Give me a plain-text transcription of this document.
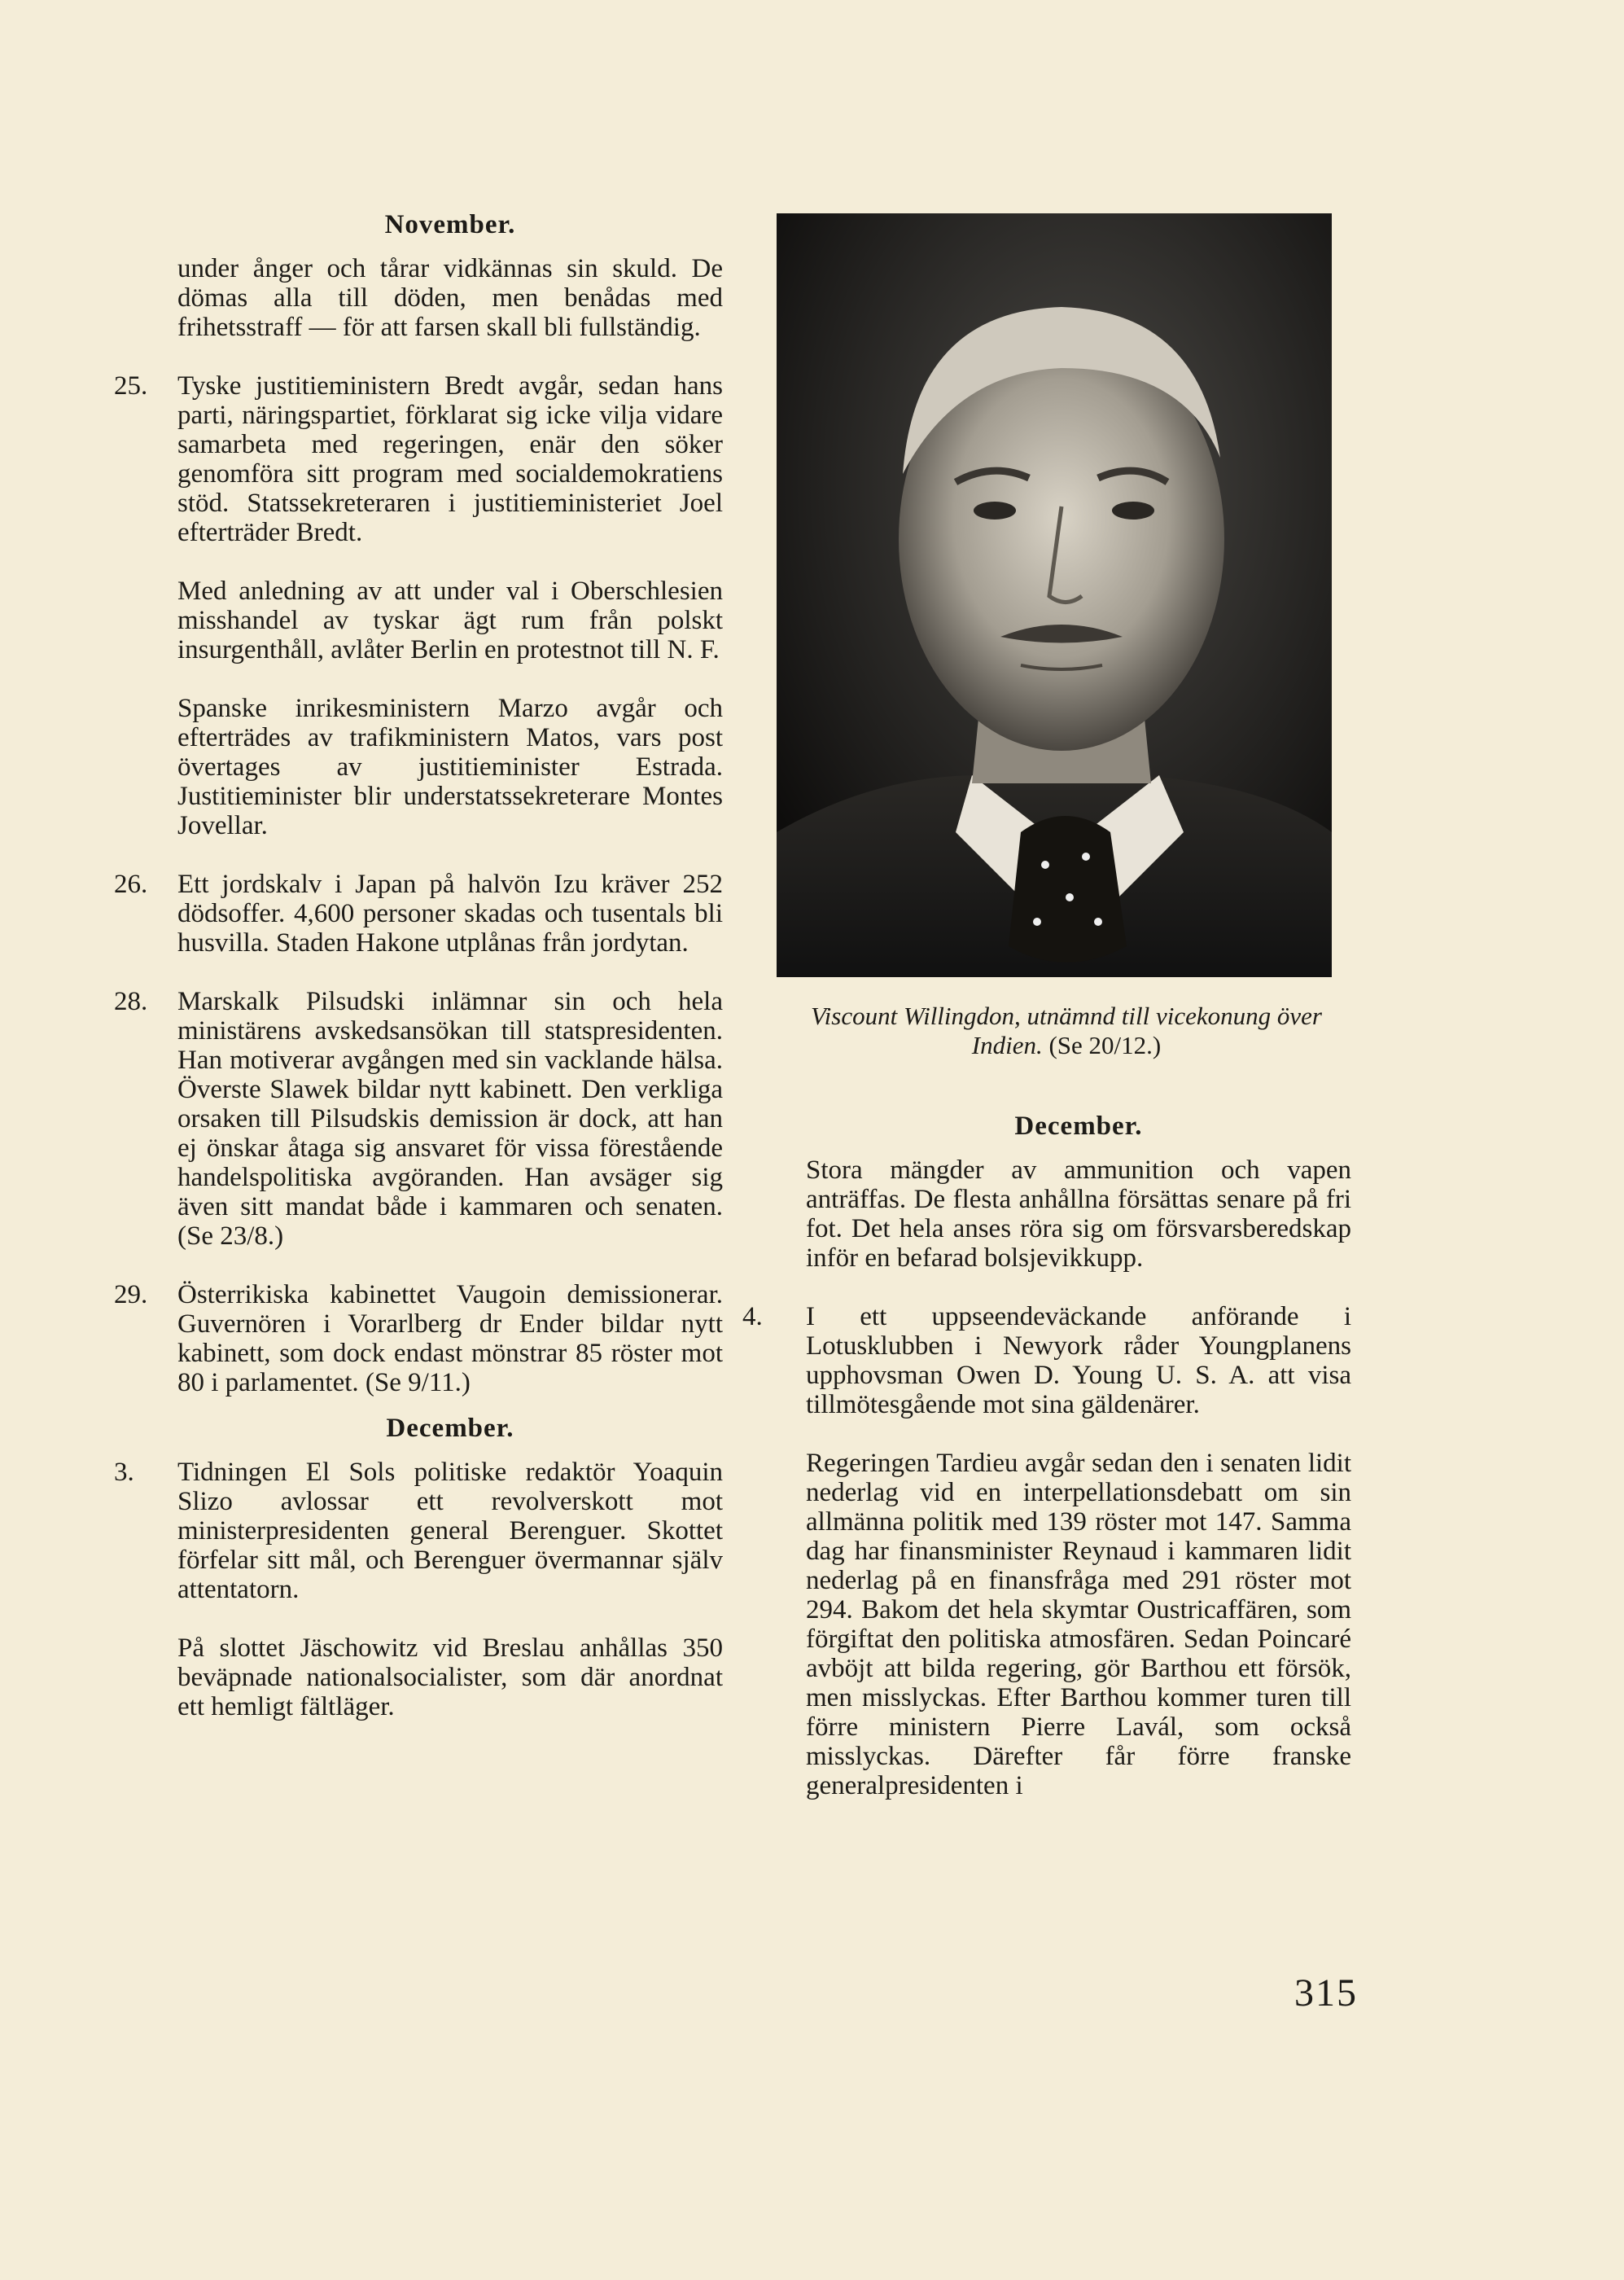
November.

under ånger och tårar vidkännas sin skuld. De dömas alla till döden, men benådas med frihetsstraff — för att farsen skall bli fullständig.

25.	Tyske justitieministern Bredt avgår, sedan hans parti, näringspartiet, förklarat sig icke vilja vidare samarbeta med regeringen, enär den söker genomföra sitt program med socialdemokratiens stöd. Statssekreteraren i justitieministeriet Joel efterträder Bredt.

Med anledning av att under val i Oberschlesien misshandel av tyskar ägt rum från polskt insurgenthåll, avlåter Berlin en protestnot till N. F.

Spanske inrikesministern Marzo avgår och efterträdes av trafikministern Matos, vars post övertages av justitieminister Estrada. Justitieminister blir understatssekreterare Montes Jovellar.

26.	Ett jordskalv i Japan på halvön Izu kräver 252 dödsoffer. 4,600 personer skadas och tusentals bli husvilla. Staden Hakone utplånas från jordytan.
28.	Marskalk Pilsudski inlämnar sin och hela ministärens avskedsansökan till statspresidenten. Han motiverar avgången med sin vacklande hälsa. Överste Slawek bildar nytt kabinett. Den verkliga orsaken till Pilsudskis demission är dock, att han ej önskar åtaga sig ansvaret för vissa förestående handelspolitiska avgöranden. Han avsäger sig även sitt mandat både i kammaren och senaten. (Se 23/8.)
29.	Österrikiska kabinettet Vaugoin demissionerar. Guvernören i Vorarlberg dr Ender bildar nytt kabinett, som dock endast mönstrar 85 röster mot 80 i parlamentet. (Se 9/11.)
December.
3.	Tidningen El Sols politiske redaktör Yoaquin Slizo avlossar ett revolverskott mot ministerpresidenten general Berenguer. Skottet förfelar sitt mål, och Berenguer övermannar själv attentatorn.

På slottet Jäschowitz vid Breslau anhållas 350 beväpnade nationalsocialister, som där anordnat ett hemligt fältläger.

Viscount Willingdon, utnämnd till vicekonung över Indien. (Se 20/12.)
December.

Stora mängder av ammunition och vapen anträffas. De flesta anhållna försättas senare på fri fot. Det hela anses röra sig om försvarsberedskap inför en befarad bolsjevikkupp.

4.	I ett uppseendeväckande anförande i Lotusklubben i Newyork råder Youngplanens upphovsman Owen D. Young U. S. A. att visa tillmötesgående mot sina gäldenärer.

Regeringen Tardieu avgår sedan den i senaten lidit nederlag vid en interpellationsdebatt om sin allmänna politik med 139 röster mot 147. Samma dag har finansminister Reynaud i kammaren lidit nederlag på en finansfråga med 291 röster mot 294. Bakom det hela skymtar Oustricaffären, som förgiftat den politiska atmosfären. Sedan Poincaré avböjt att bilda regering, gör Barthou ett försök, men misslyckas. Efter Barthou kommer turen till förre ministern Pierre Lavál, som också misslyckas. Därefter får förre franske generalpresidenten i

315
